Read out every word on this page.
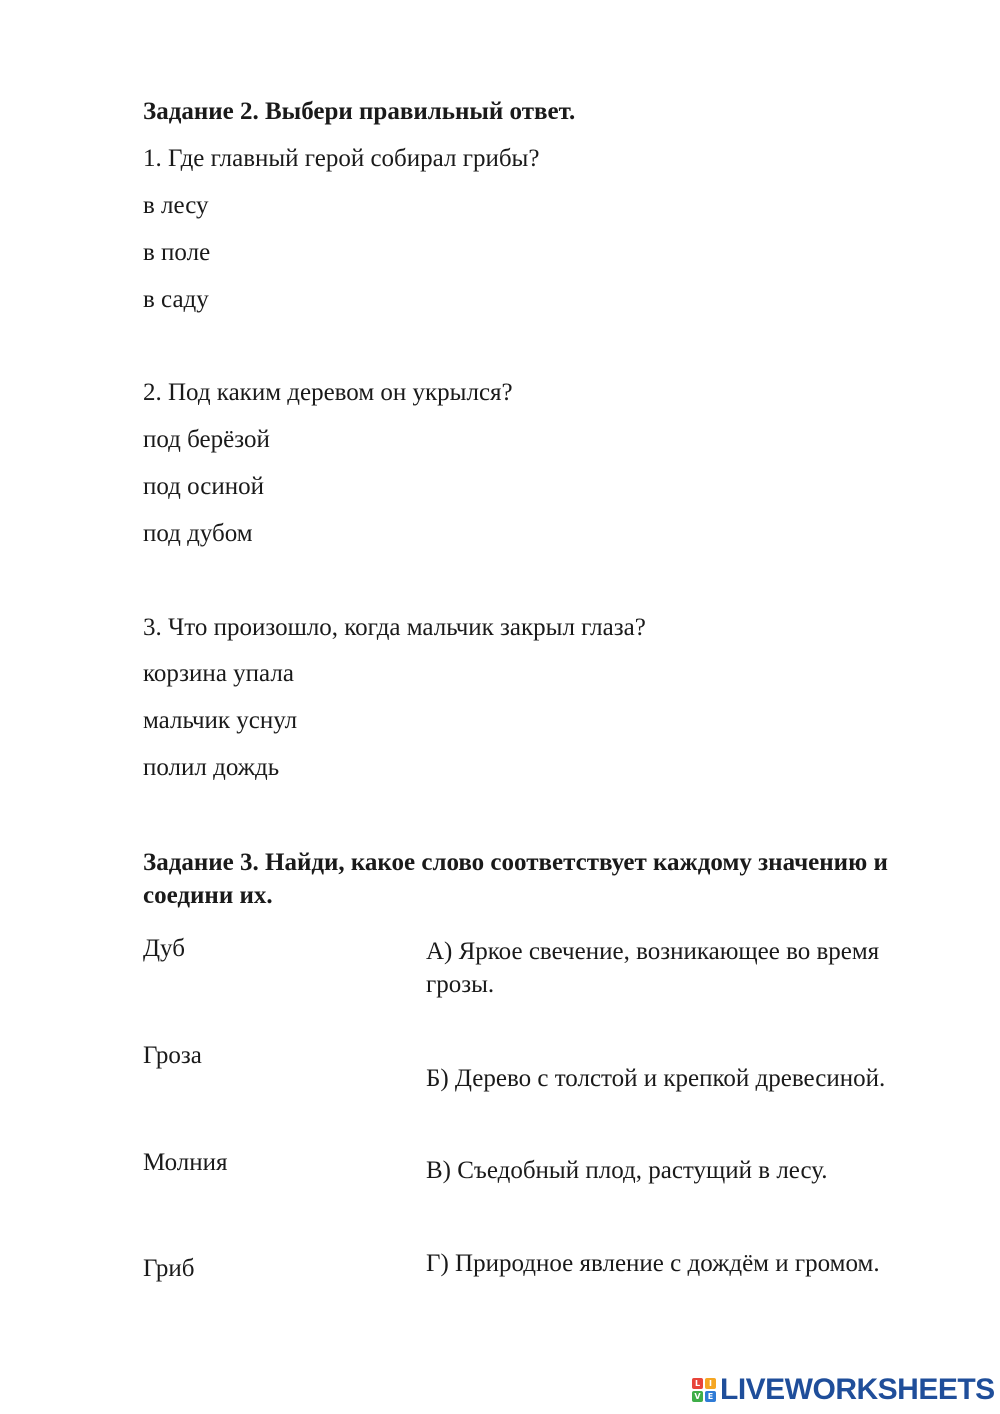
Задание 2. Выбери правильный ответ.
1. Где главный герой собирал грибы?
в лесу
в поле
в саду
2. Под каким деревом он укрылся?
под берёзой
под осиной
под дубом
3. Что произошло, когда мальчик закрыл глаза?
корзина упала
мальчик уснул
полил дождь
Задание 3. Найди, какое слово соответствует каждому значению и соедини их.
Дуб
Гроза
Молния
Гриб
А) Яркое свечение, возникающее во время грозы.
Б) Дерево с толстой и крепкой древесиной.
В) Съедобный плод, растущий в лесу.
Г) Природное явление с дождём и громом.
L	I
V E LIVEWORKSHEETS
